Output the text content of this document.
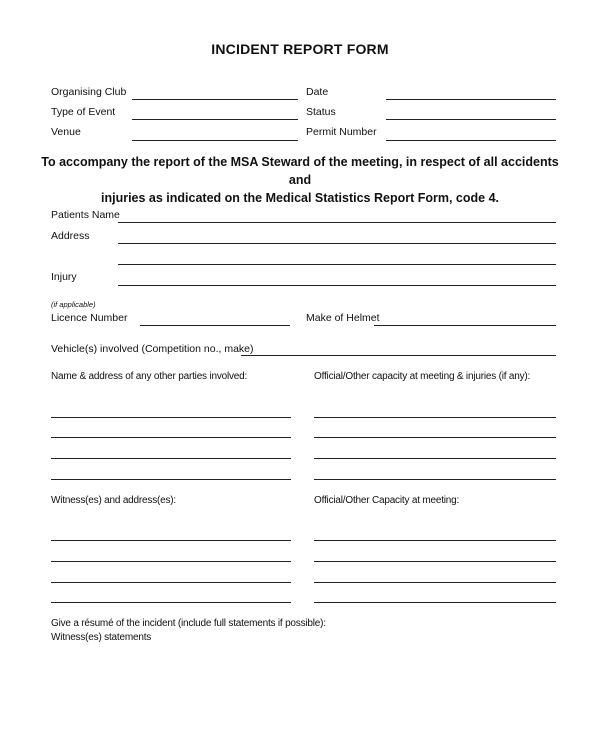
INCIDENT REPORT FORM
Organising Club	Date
Type of Event	Status
Venue	Permit Number
To accompany the report of the MSA Steward of the meeting, in respect of all accidents and
injuries as indicated on the Medical Statistics Report Form, code 4.
Patients Name
Address
Injury
(if applicable)
Licence Number	Make of Helmet
Vehicle(s) involved (Competition no., make)
Name & address of any other parties involved:	Official/Other capacity at meeting & injuries (if any):
Witness(es) and address(es):	Official/Other Capacity at meeting:
Give a résumé of the incident (include full statements if possible):
Witness(es) statements
